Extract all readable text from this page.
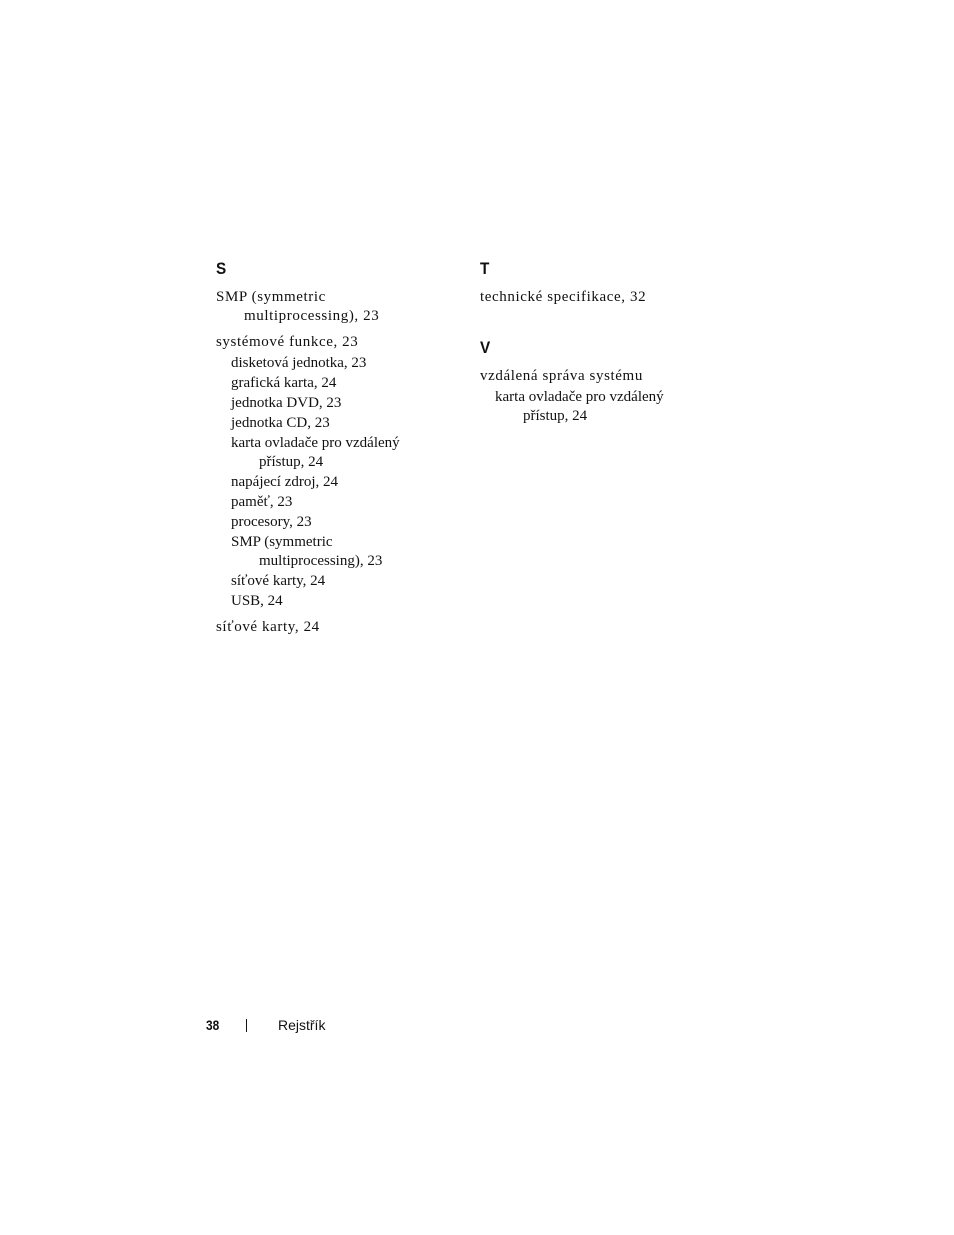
S
SMP (symmetric
multiprocessing), 23
systémové funkce, 23
disketová jednotka, 23
grafická karta, 24
jednotka DVD, 23
jednotka CD, 23
karta ovladače pro vzdálený
přístup, 24
napájecí zdroj, 24
paměť, 23
procesory, 23
SMP (symmetric
multiprocessing), 23
síťové karty, 24
USB, 24
síťové karty, 24
T
technické specifikace, 32
V
vzdálená správa systému
karta ovladače pro vzdálený
přístup, 24
38	Rejstřík
